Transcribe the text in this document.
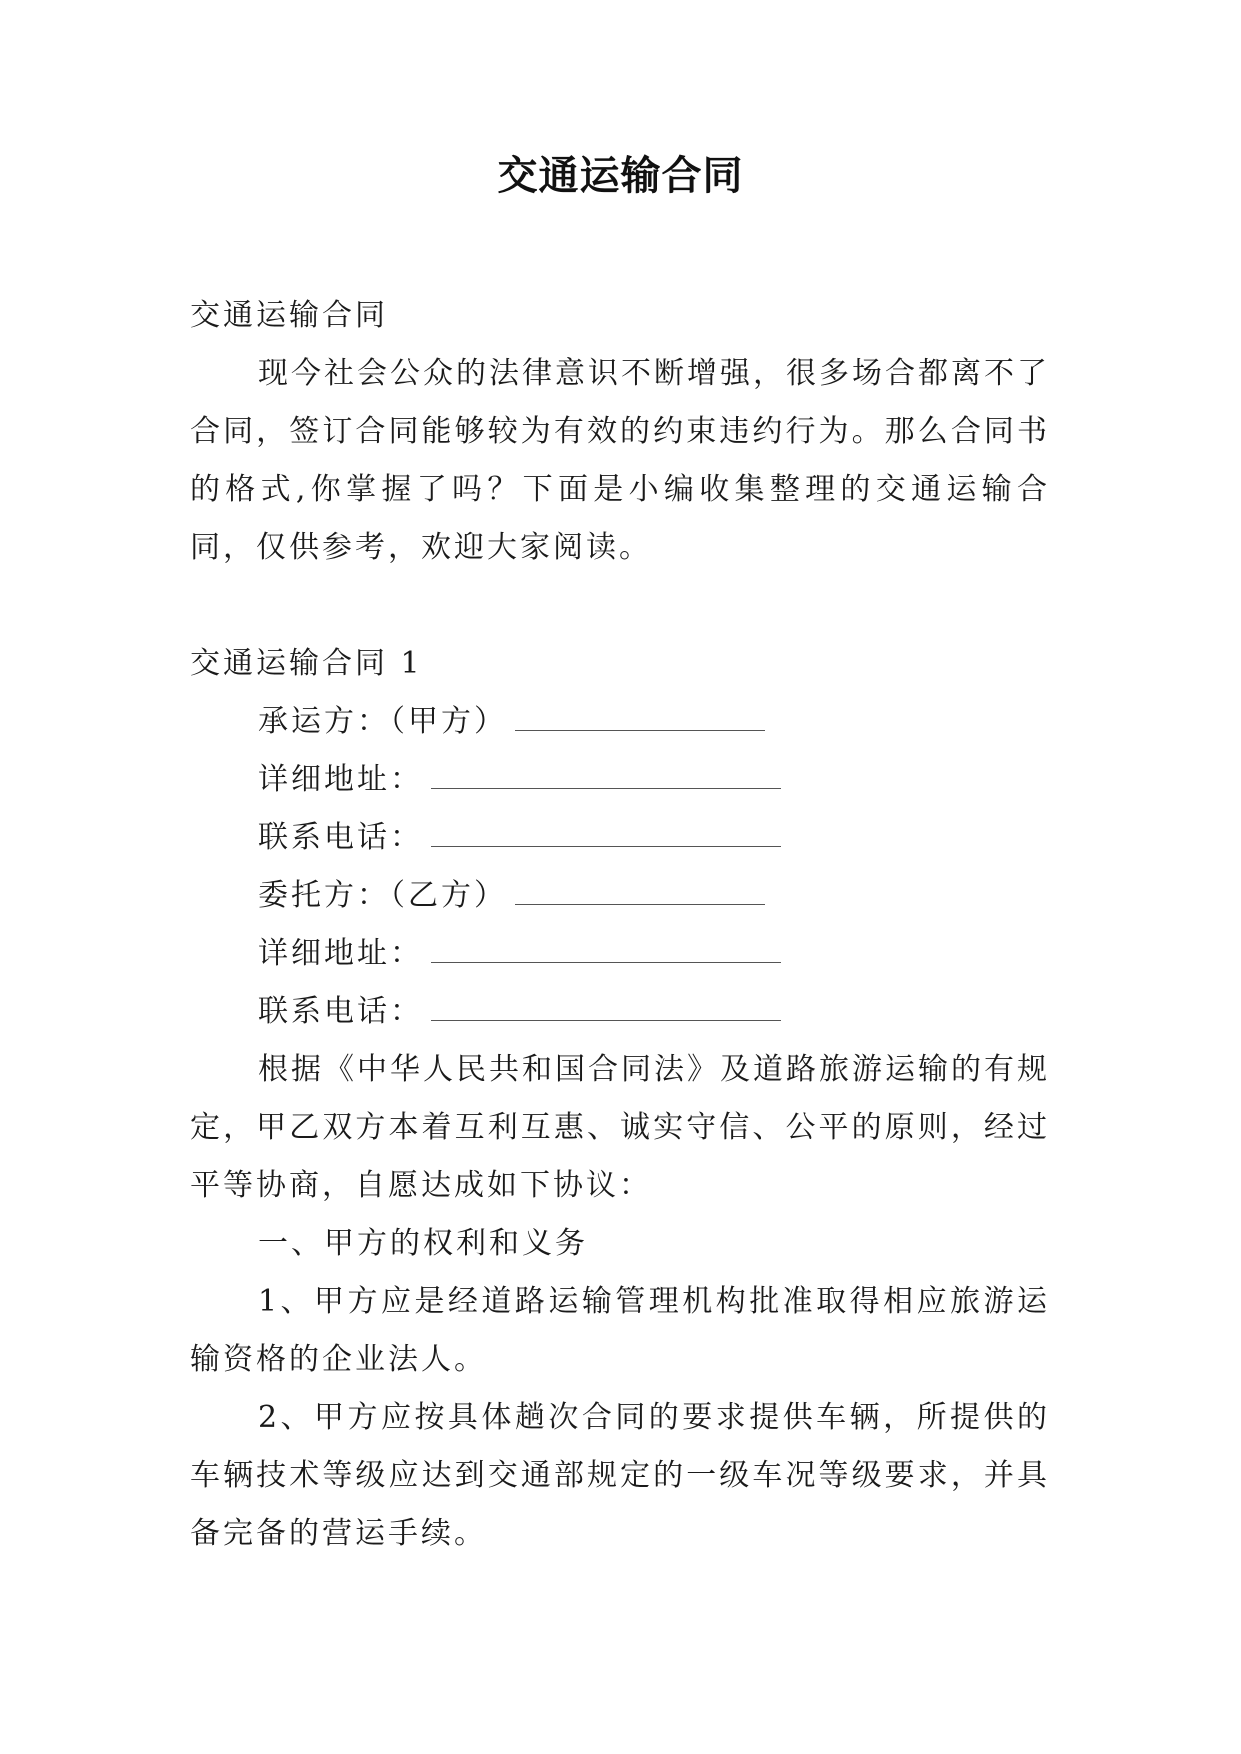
交通运输合同

交通运输合同

现今社会公众的法律意识不断增强，很多场合都离不了合同，签订合同能够较为有效的约束违约行为。那么合同书的格式,你掌握了吗？下面是小编收集整理的交通运输合同，仅供参考，欢迎大家阅读。

交通运输合同 1

承运方：（甲方）

详细地址：

联系电话：

委托方：（乙方）

详细地址：

联系电话：

根据《中华人民共和国合同法》及道路旅游运输的有规定，甲乙双方本着互利互惠、诚实守信、公平的原则，经过平等协商，自愿达成如下协议：

一、甲方的权利和义务

1、甲方应是经道路运输管理机构批准取得相应旅游运输资格的企业法人。

2、甲方应按具体趟次合同的要求提供车辆，所提供的车辆技术等级应达到交通部规定的一级车况等级要求，并具备完备的营运手续。
